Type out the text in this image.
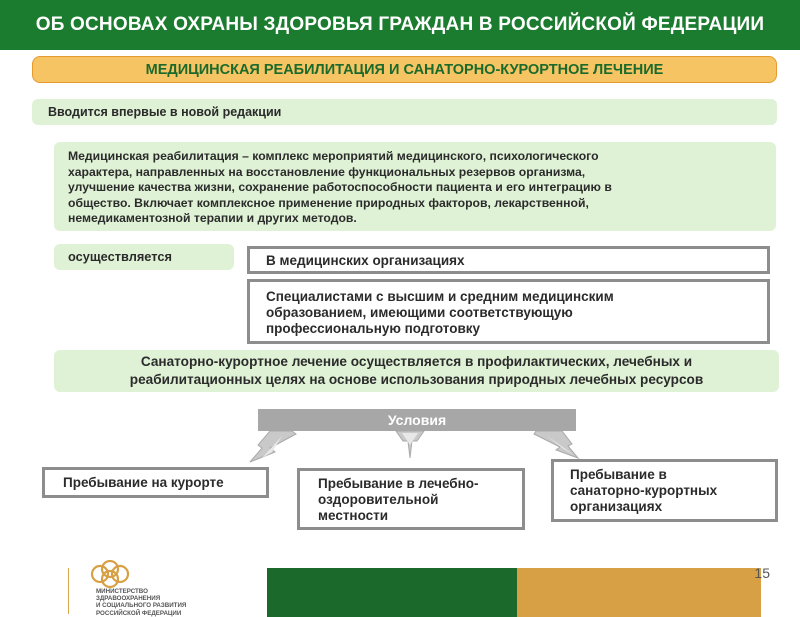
ОБ ОСНОВАХ ОХРАНЫ ЗДОРОВЬЯ ГРАЖДАН В РОССИЙСКОЙ ФЕДЕРАЦИИ
МЕДИЦИНСКАЯ РЕАБИЛИТАЦИЯ И САНАТОРНО-КУРОРТНОЕ ЛЕЧЕНИЕ
Вводится впервые в новой редакции
Медицинская реабилитация – комплекс мероприятий медицинского, психологического
характера, направленных на восстановление функциональных резервов организма,
улучшение качества жизни, сохранение работоспособности пациента и его интеграцию в
общество. Включает комплексное применение природных факторов, лекарственной,
немедикаментозной терапии и других методов.
осуществляется	В медицинских организациях
Специалистами с высшим и средним медицинским
образованием, имеющими соответствующую
профессиональную подготовку
Санаторно-курортное лечение осуществляется в профилактических, лечебных и
реабилитационных целях на основе использования природных лечебных ресурсов
Условия
Пребывание на курорте	Пребывание в лечебно-
оздоровительной
местности
Пребывание в
санаторно-курортных
организациях
МИНИСТЕРСТВО
ЗДРАВООХРАНЕНИЯ
И СОЦИАЛЬНОГО РАЗВИТИЯ
РОССИЙСКОЙ ФЕДЕРАЦИИ
15
